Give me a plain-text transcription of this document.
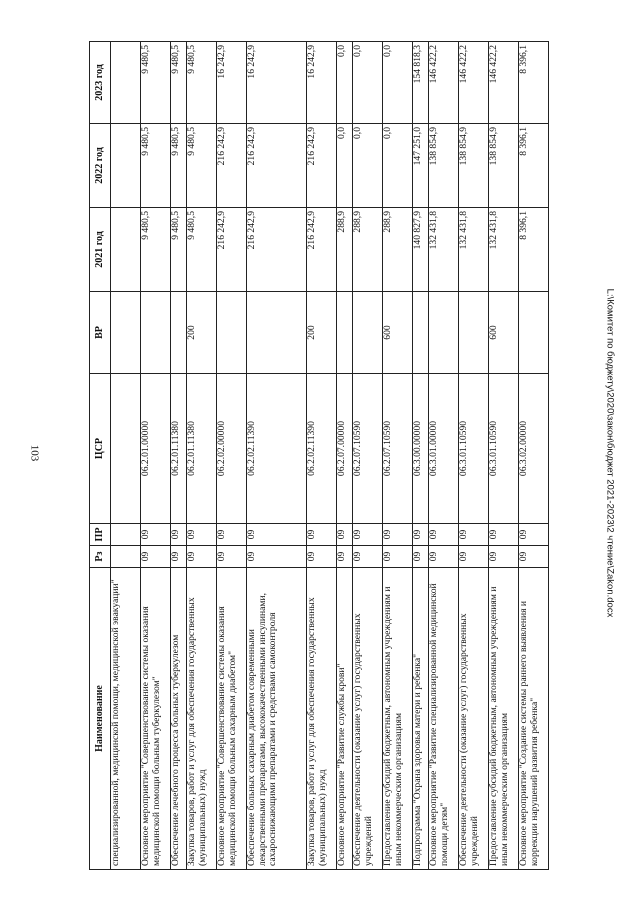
103
Наименование	Рз	ПР	ЦСР	ВР	2021 год	2022 год	2023 год
специализированной, медицинской помощи, медицинской эвакуации"							
Основное мероприятие "Совершенствование системы оказания медицинской помощи больным туберкулезом"	09	09	06.2.01.00000		9 480,5	9 480,5	9 480,5
Обеспечение лечебного процесса больных туберкулезом	09	09	06.2.01.11380		9 480,5	9 480,5	9 480,5
Закупка товаров, работ и услуг для обеспечения государственных (муниципальных) нужд	09	09	06.2.01.11380	200	9 480,5	9 480,5	9 480,5
Основное мероприятие "Совершенствование системы оказания медицинской помощи больным сахарным диабетом"	09	09	06.2.02.00000		216 242,9	216 242,9	16 242,9
Обеспечение больных сахарным диабетом современными лекарственными препаратами, высококачественными инсулинами, сахароснижающими препаратами и средствами самоконтроля	09	09	06.2.02.11390		216 242,9	216 242,9	16 242,9
Закупка товаров, работ и услуг для обеспечения государственных (муниципальных) нужд	09	09	06.2.02.11390	200	216 242,9	216 242,9	16 242,9
Основное мероприятие "Развитие службы крови"	09	09	06.2.07.00000		288,9	0,0	0,0
Обеспечение деятельности (оказание услуг) государственных учреждений	09	09	06.2.07.10590		288,9	0,0	0,0
Предоставление субсидий бюджетным, автономным учреждениям и иным некоммерческим организациям	09	09	06.2.07.10590	600	288,9	0,0	0,0
Подпрограмма "Охрана здоровья матери и ребенка"	09	09	06.3.00.00000		140 827,9	147 251,0	154 818,3
Основное мероприятие "Развитие специализированной медицинской помощи детям"	09	09	06.3.01.00000		132 431,8	138 854,9	146 422,2
Обеспечение деятельности (оказание услуг) государственных учреждений	09	09	06.3.01.10590		132 431,8	138 854,9	146 422,2
Предоставление субсидий бюджетным, автономным учреждениям и иным некоммерческим организациям	09	09	06.3.01.10590	600	132 431,8	138 854,9	146 422,2
Основное мероприятие "Создание системы раннего выявления и коррекции нарушений развития ребенка"	09	09	06.3.02.00000		8 396,1	8 396,1	8 396,1
L:\Комитет по бюджету\2020\закон\бюджет 2021-2023\2 чтение\Zakon.docx
